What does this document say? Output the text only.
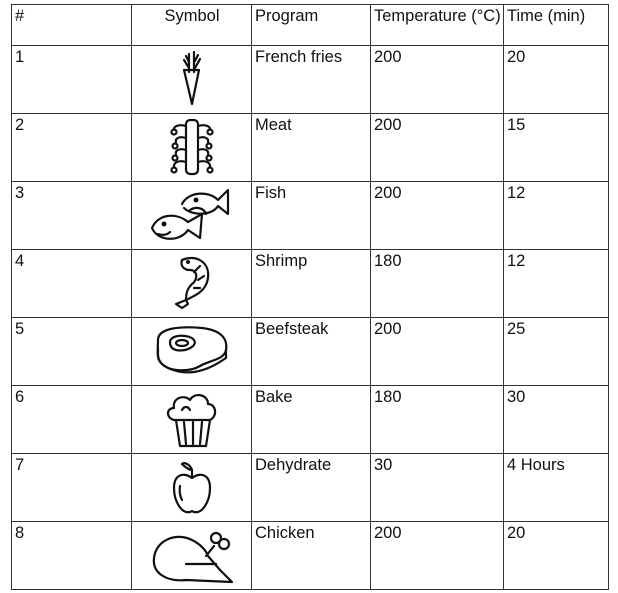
#	Symbol	Program	Temperature (°C)	Time (min)
1		French fries	200	20
2		Meat	200	15
3		Fish	200	12
4		Shrimp	180	12
5		Beefsteak	200	25
6		Bake	180	30
7		Dehydrate	30	4 Hours
8		Chicken	200	20
